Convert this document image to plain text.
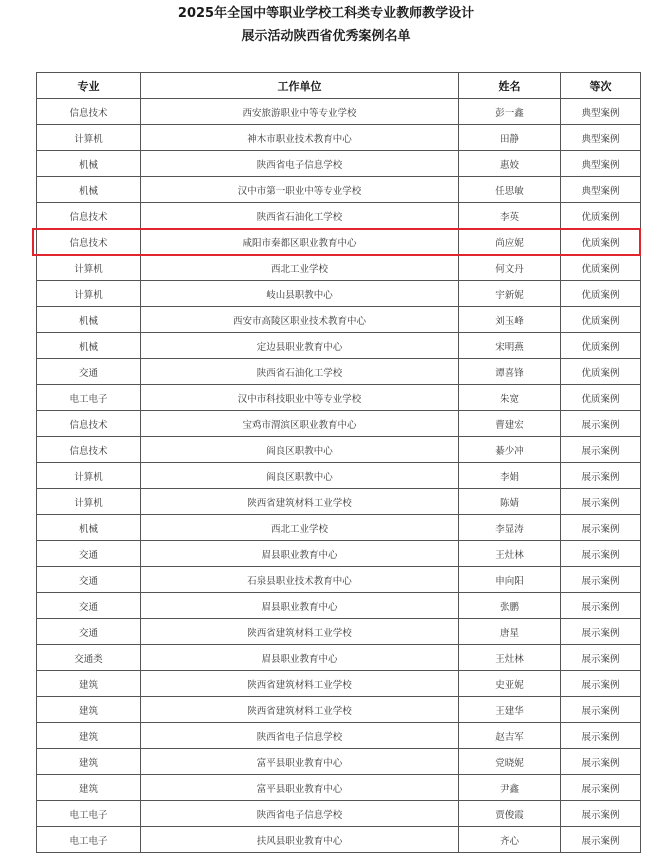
2025年全国中等职业学校工科类专业教师教学设计
展示活动陕西省优秀案例名单
专业	工作单位	姓名	等次
信息技术	西安旅游职业中等专业学校	彭一鑫	典型案例
计算机	神木市职业技术教育中心	田静	典型案例
机械	陕西省电子信息学校	惠姣	典型案例
机械	汉中市第一职业中等专业学校	任思敏	典型案例
信息技术	陕西省石油化工学校	李英	优质案例
信息技术	咸阳市秦都区职业教育中心	尚应妮	优质案例
计算机	西北工业学校	何文丹	优质案例
计算机	岐山县职教中心	宇新妮	优质案例
机械	西安市高陵区职业技术教育中心	刘玉峰	优质案例
机械	定边县职业教育中心	宋明燕	优质案例
交通	陕西省石油化工学校	谭喜锋	优质案例
电工电子	汉中市科技职业中等专业学校	朱宽	优质案例
信息技术	宝鸡市渭滨区职业教育中心	曹建宏	展示案例
信息技术	阎良区职教中心	綦少冲	展示案例
计算机	阎良区职教中心	李娟	展示案例
计算机	陕西省建筑材料工业学校	陈婧	展示案例
机械	西北工业学校	李显涛	展示案例
交通	眉县职业教育中心	王灶林	展示案例
交通	石泉县职业技术教育中心	申向阳	展示案例
交通	眉县职业教育中心	张鹏	展示案例
交通	陕西省建筑材料工业学校	唐星	展示案例
交通类	眉县职业教育中心	王灶林	展示案例
建筑	陕西省建筑材料工业学校	史亚妮	展示案例
建筑	陕西省建筑材料工业学校	王建华	展示案例
建筑	陕西省电子信息学校	赵吉军	展示案例
建筑	富平县职业教育中心	党晓妮	展示案例
建筑	富平县职业教育中心	尹鑫	展示案例
电工电子	陕西省电子信息学校	贾俊霞	展示案例
电工电子	扶风县职业教育中心	齐心	展示案例
